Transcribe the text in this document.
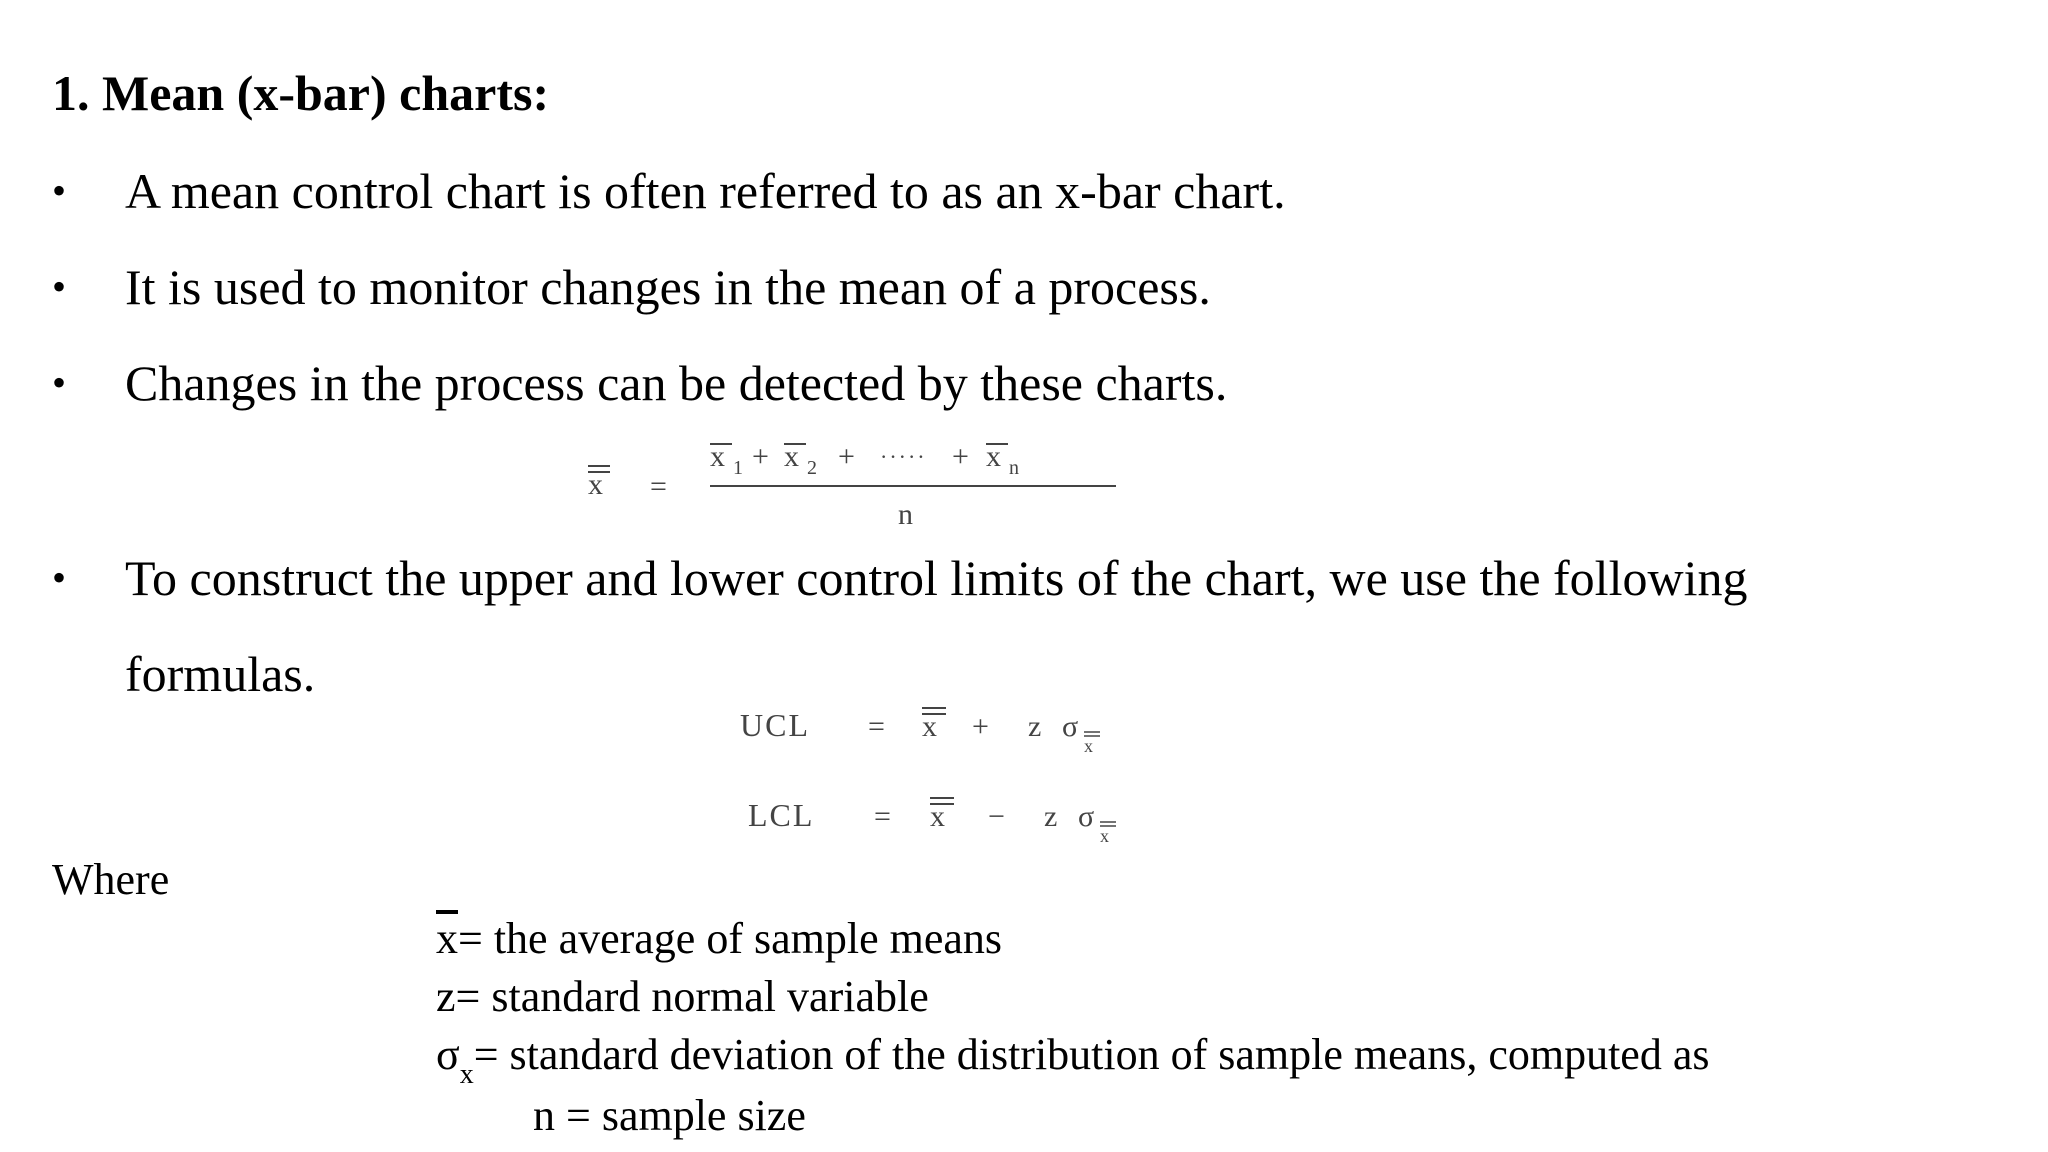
1. Mean (x-bar) charts:
• A mean control chart is often referred to as an x-bar chart.
• It is used to monitor changes in the mean of a process.
• Changes in the process can be detected by these charts.
x =
x 1 + x 2 + ····· + x n
n
• To construct the upper and lower control limits of the chart, we use the following
formulas.
UCL = x + z σ
x
LCL = x − z σ
x
Where
$\overline{x}=$ the average of sample means
z= standard normal variable
$\sigma_x=$ standard deviation of the distribution of sample means, computed as
n = sample size
